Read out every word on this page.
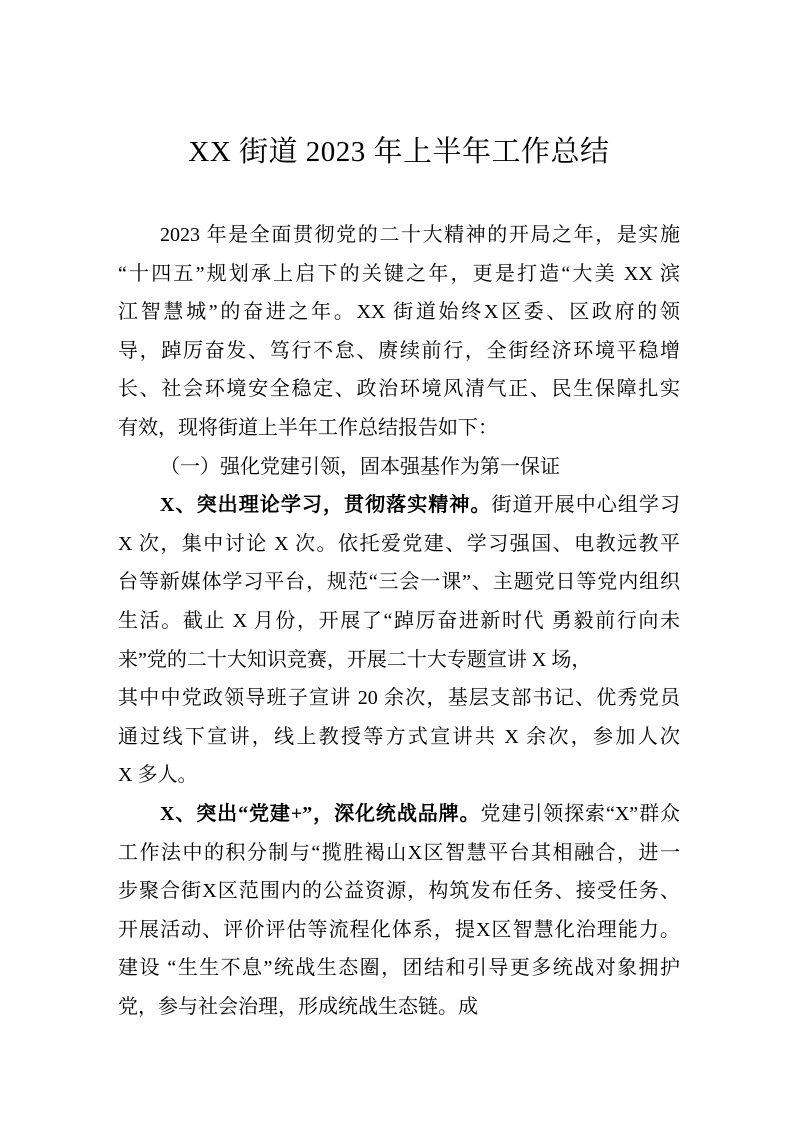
XX 街道 2023 年上半年工作总结
2023 年是全面贯彻党的二十大精神的开局之年，是实施
“十四五”规划承上启下的关键之年，更是打造“大美 XX 滨
江智慧城”的奋进之年。XX 街道始终X区委、区政府的领
导，踔厉奋发、笃行不怠、赓续前行，全街经济环境平稳增
长、社会环境安全稳定、政治环境风清气正、民生保障扎实
有效，现将街道上半年工作总结报告如下：
（一）强化党建引领，固本强基作为第一保证
X、突出理论学习，贯彻落实精神。街道开展中心组学习
X 次，集中讨论 X 次。依托爱党建、学习强国、电教远教平
台等新媒体学习平台，规范“三会一课”、主题党日等党内组织
生活。截止 X 月份，开展了“踔厉奋进新时代 勇毅前行向未
来”党的二十大知识竞赛，开展二十大专题宣讲 X 场，
其中中党政领导班子宣讲 20 余次，基层支部书记、优秀党员
通过线下宣讲，线上教授等方式宣讲共 X 余次，参加人次
X 多人。
X、突出“党建+”，深化统战品牌。党建引领探索“X”群众
工作法中的积分制与“揽胜褐山X区智慧平台其相融合，进一
步聚合街X区范围内的公益资源，构筑发布任务、接受任务、
开展活动、评价评估等流程化体系，提X区智慧化治理能力。
建设 “生生不息”统战生态圈，团结和引导更多统战对象拥护
党，参与社会治理，形成统战生态链。成
